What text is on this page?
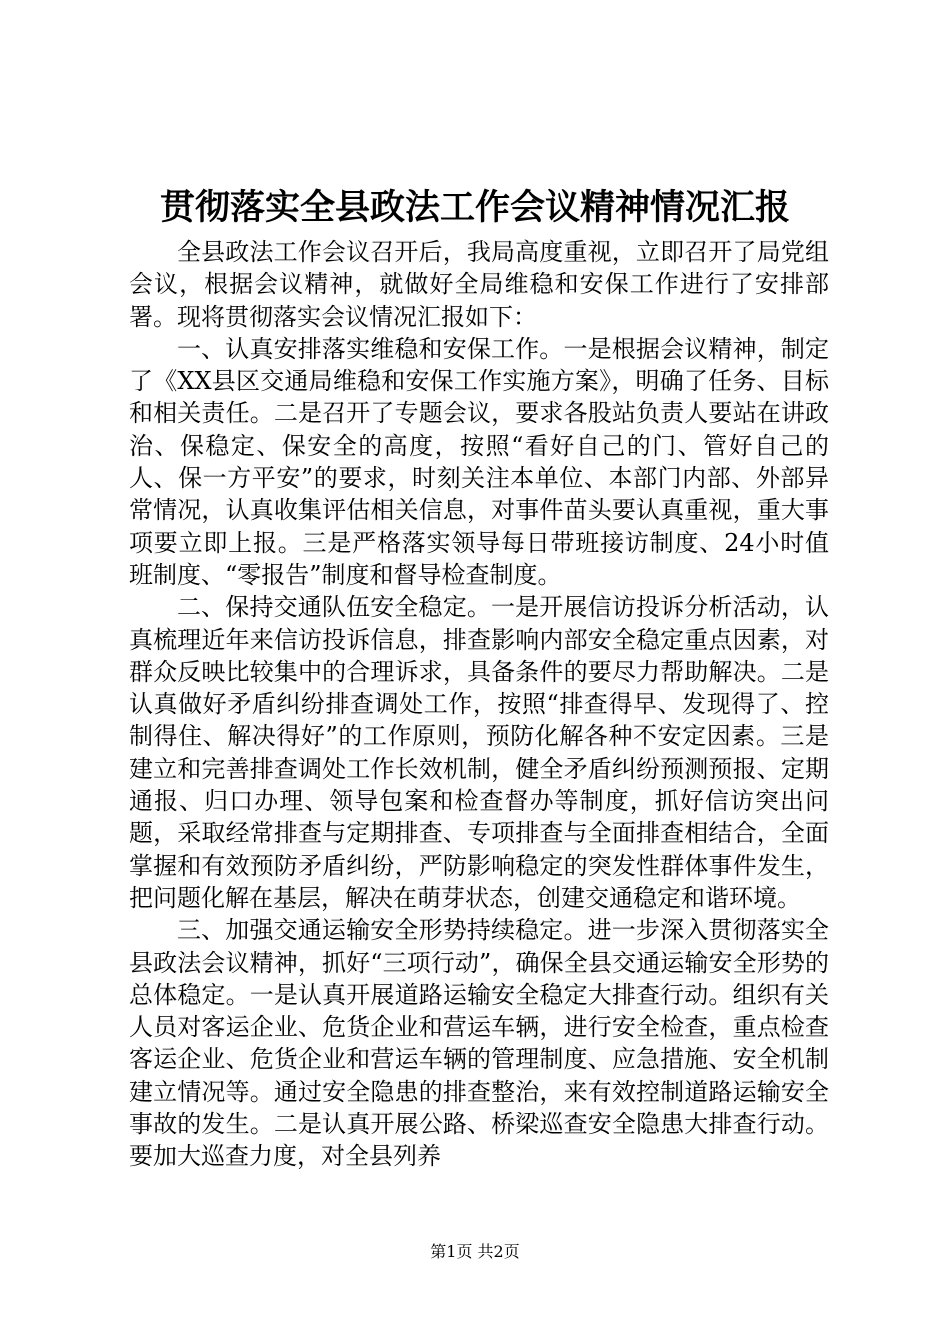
贯彻落实全县政法工作会议精神情况汇报

全县政法工作会议召开后，我局高度重视，立即召开了局党组会议，根据会议精神，就做好全局维稳和安保工作进行了安排部署。现将贯彻落实会议情况汇报如下：

一、认真安排落实维稳和安保工作。一是根据会议精神，制定了《XX县区交通局维稳和安保工作实施方案》，明确了任务、目标和相关责任。二是召开了专题会议，要求各股站负责人要站在讲政治、保稳定、保安全的高度，按照“看好自己的门、管好自己的人、保一方平安”的要求，时刻关注本单位、本部门内部、外部异常情况，认真收集评估相关信息，对事件苗头要认真重视，重大事项要立即上报。三是严格落实领导每日带班接访制度、24小时值班制度、“零报告”制度和督导检查制度。

二、保持交通队伍安全稳定。一是开展信访投诉分析活动，认真梳理近年来信访投诉信息，排查影响内部安全稳定重点因素，对群众反映比较集中的合理诉求，具备条件的要尽力帮助解决。二是认真做好矛盾纠纷排查调处工作，按照“排查得早、发现得了、控制得住、解决得好”的工作原则，预防化解各种不安定因素。三是建立和完善排查调处工作长效机制，健全矛盾纠纷预测预报、定期通报、归口办理、领导包案和检查督办等制度，抓好信访突出问题，采取经常排查与定期排查、专项排查与全面排查相结合，全面掌握和有效预防矛盾纠纷，严防影响稳定的突发性群体事件发生，把问题化解在基层，解决在萌芽状态，创建交通稳定和谐环境。

三、加强交通运输安全形势持续稳定。进一步深入贯彻落实全县政法会议精神，抓好“三项行动”，确保全县交通运输安全形势的总体稳定。一是认真开展道路运输安全稳定大排查行动。组织有关人员对客运企业、危货企业和营运车辆，进行安全检查，重点检查客运企业、危货企业和营运车辆的管理制度、应急措施、安全机制建立情况等。通过安全隐患的排查整治，来有效控制道路运输安全事故的发生。二是认真开展公路、桥梁巡查安全隐患大排查行动。要加大巡查力度，对全县列养

第1页 共2页
